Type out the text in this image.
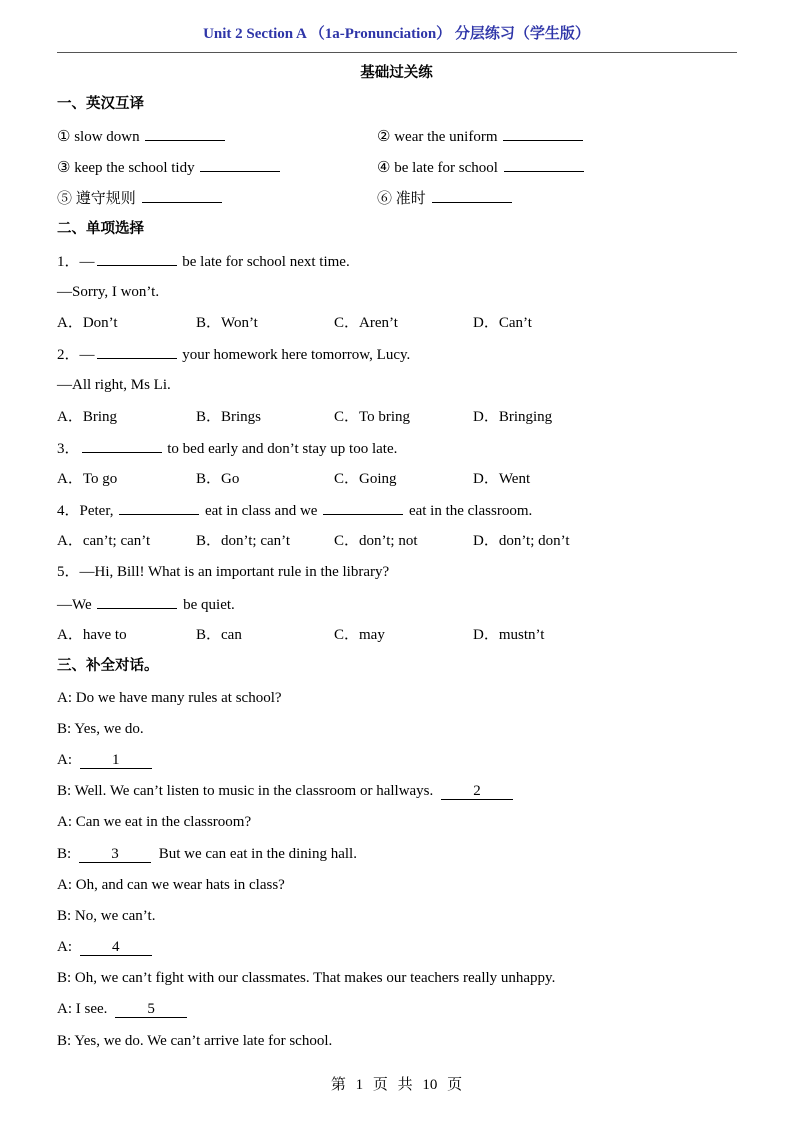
Unit 2 Section A （1a-Pronunciation） 分层练习（学生版）
基础过关练
一、英汉互译
① slow down	② wear the uniform
③ keep the school tidy	④ be late for school
⑤ 遵守规则	⑥ 准时
二、单项选择
1．—	be late for school next time.
—Sorry, I won’t.
A．Don’t	B．Won’t	C．Aren’t	D．Can’t
2．—	your homework here tomorrow, Lucy.
—All right, Ms Li.
A．Bring	B．Brings	C．To bring	D．Bringing
3．	to bed early and don’t stay up too late.
A．To go	B．Go	C．Going	D．Went
4．Peter,	eat in class and we	eat in the classroom.
A．can’t; can’t	B．don’t; can’t	C．don’t; not	D．don’t; don’t
5．—Hi, Bill! What is an important rule in the library?
—We	be quiet.
A．have to	B．can	C．may	D．mustn’t
三、补全对话。
A: Do we have many rules at school?
B: Yes, we do.
A:	1
B: Well. We can’t listen to music in the classroom or hallways.	2
A: Can we eat in the classroom?
B:	3	But we can eat in the dining hall.
A: Oh, and can we wear hats in class?
B: No, we can’t.
A:	4
B: Oh, we can’t fight with our classmates. That makes our teachers really unhappy.
A: I see.	5
B: Yes, we do. We can’t arrive late for school.
第 1 页 共 10 页
